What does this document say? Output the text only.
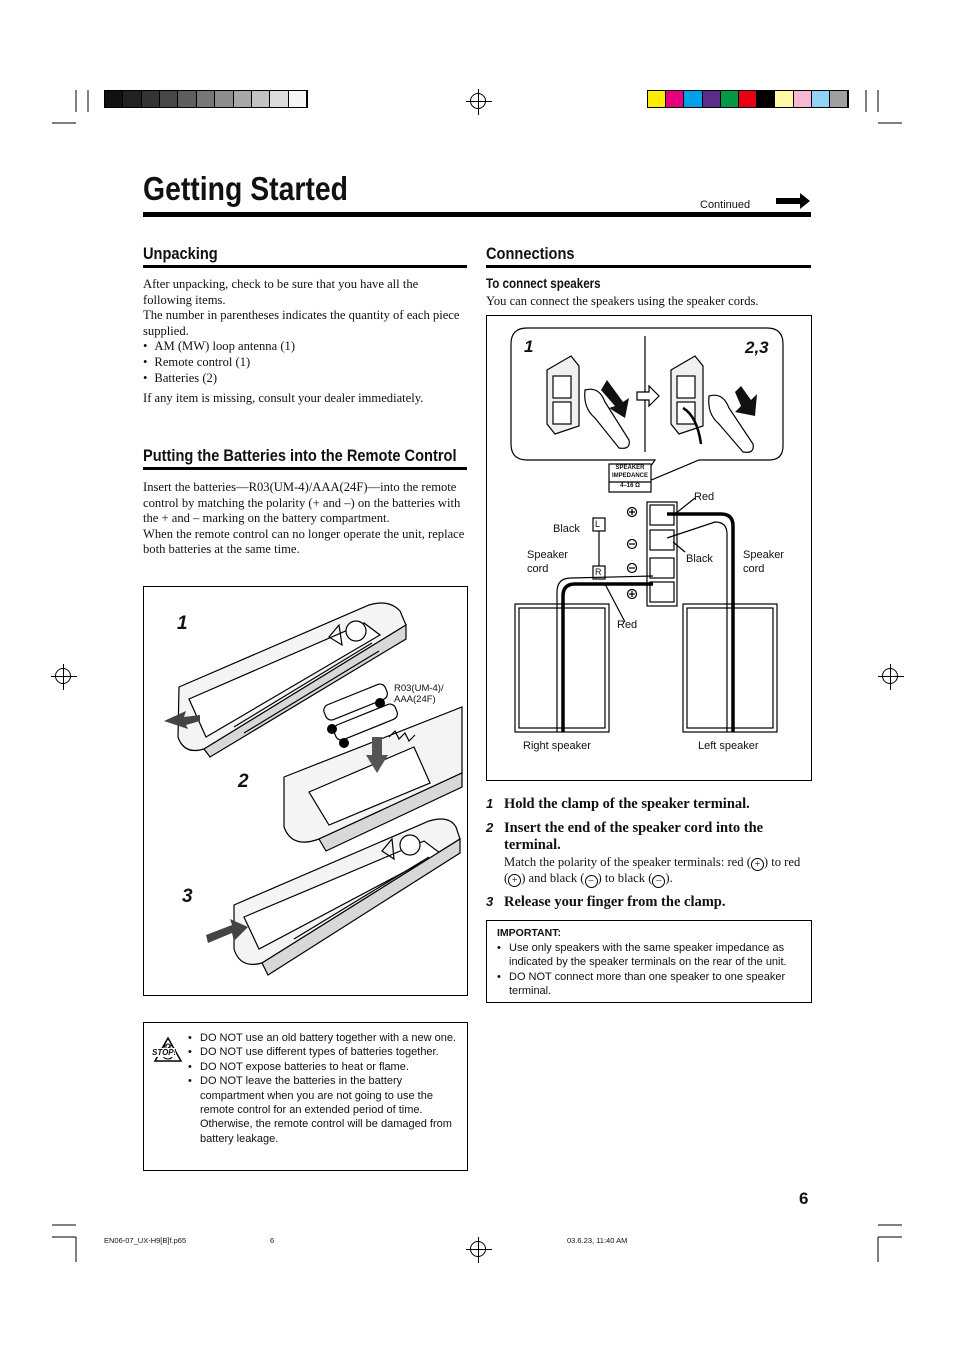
Getting Started	Continued
Unpacking

After unpacking, check to be sure that you have all the following items.

The number in parentheses indicates the quantity of each piece supplied.

• AM (MW) loop antenna (1)
• Remote control (1)
• Batteries (2)

If any item is missing, consult your dealer immediately.

Putting the Batteries into the Remote Control

Insert the batteries—R03(UM-4)/AAA(24F)—into the remote control by matching the polarity (+ and –) on the batteries with the + and – marking on the battery compartment.

When the remote control can no longer operate the unit, replace both batteries at the same time.

1
2
3
R03(UM-4)/
AAA(24F)
STOP!
• DO NOT use an old battery together with a new one.
• DO NOT use different types of batteries together.
• DO NOT expose batteries to heat or flame.
• DO NOT leave the batteries in the battery compartment when you are not going to use the remote control for an extended period of time. Otherwise, the remote control will be damaged from battery leakage.
Connections
To connect speakers
You can connect the speakers using the speaker cords.
1	2,3
SPEAKER
IMPEDANCE
4–16 Ω
Red
Black
Black
Red
Speaker
cord
Speaker
cord
L
R
Right speaker	Left speaker
1 Hold the clamp of the speaker terminal.
2 Insert the end of the speaker cord into the terminal.
Match the polarity of the speaker terminals: red ( + ) to red ( + ) and black ( – ) to black ( – ).
3 Release your finger from the clamp.
IMPORTANT:
• Use only speakers with the same speaker impedance as indicated by the speaker terminals on the rear of the unit.
• DO NOT connect more than one speaker to one speaker terminal.
6
EN06-07_UX-H9[B]f.p65	6	03.6.23, 11:40 AM
